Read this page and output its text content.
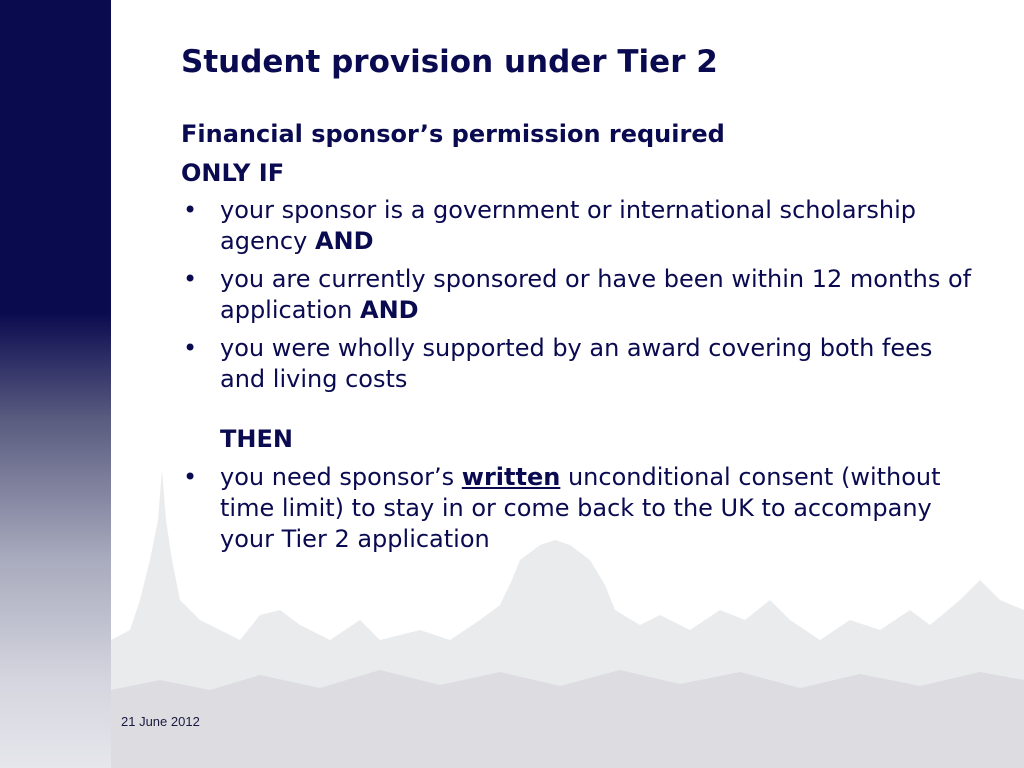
Student provision under Tier 2

Financial sponsor’s permission required

ONLY IF

• your sponsor is a government or international scholarship agency AND
• you are currently sponsored or have been within 12 months of application AND
• you were wholly supported by an award covering both fees and living costs
THEN
• you need sponsor’s written unconditional consent (without time limit) to stay in or come back to the UK to accompany your Tier 2 application
21 June 2012
